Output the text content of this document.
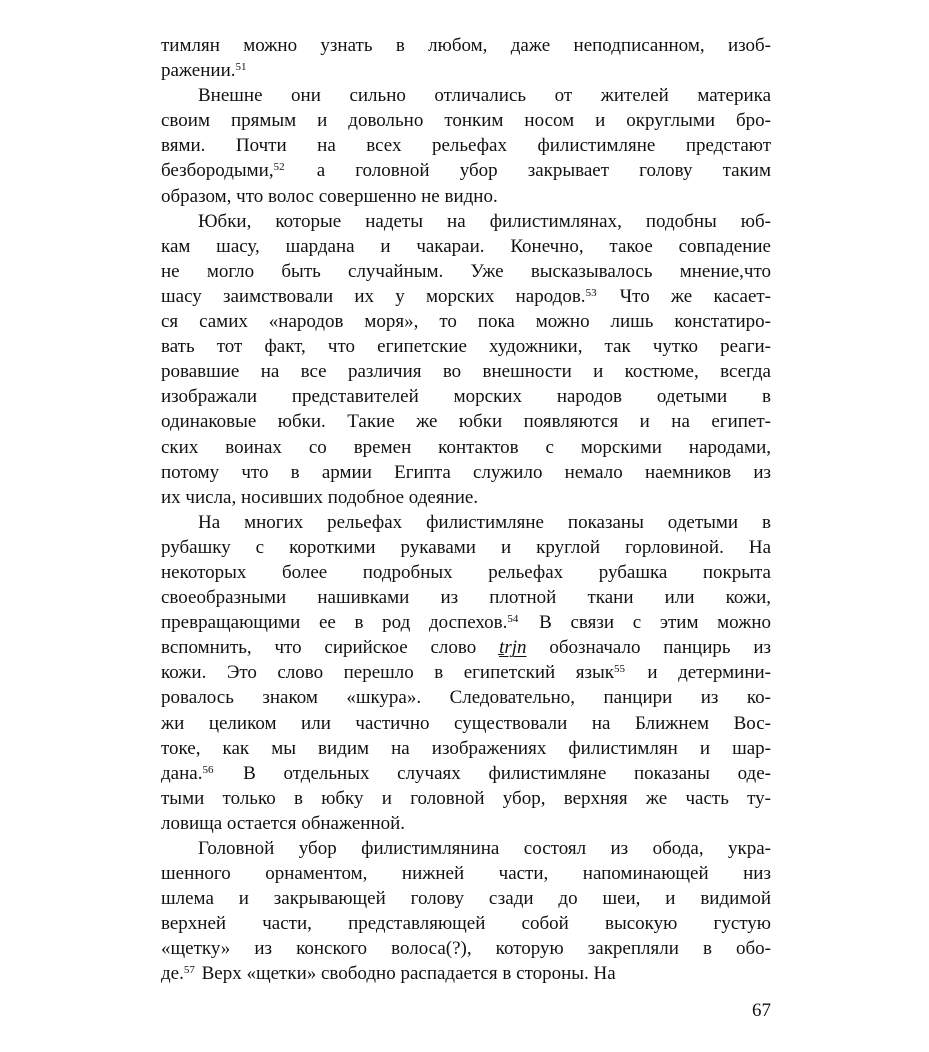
тимлян можно узнать в любом, даже неподписанном, изоб-
ражении.$^{51}$
Внешне они сильно отличались от жителей материка
своим прямым и довольно тонким носом и округлыми бро-
вями. Почти на всех рельефах филистимляне предстают
безбородыми,$^{52}$ а головной убор закрывает голову таким
образом, что волос совершенно не видно.
Юбки, которые надеты на филистимлянах, подобны юб-
кам шасу, шардана и чакараи. Конечно, такое совпадение
не могло быть случайным. Уже высказывалось мнение,что
шасу заимствовали их у морских народов.$^{53}$ Что же касает-
ся самих «народов моря», то пока можно лишь констатиро-
вать тот факт, что египетские художники, так чутко реаги-
ровавшие на все различия во внешности и костюме, всегда
изображали представителей морских народов одетыми в
одинаковые юбки. Такие же юбки появляются и на египет-
ских воинах со времен контактов с морскими народами,
потому что в армии Египта служило немало наемников из
их числа, носивших подобное одеяние.
На многих рельефах филистимляне показаны одетыми в
рубашку с короткими рукавами и круглой горловиной. На
некоторых более подробных рельефах рубашка покрыта
своеобразными нашивками из плотной ткани или кожи,
превращающими ее в род доспехов.$^{54}$ В связи с этим можно
вспомнить, что сирийское слово ṯrjn обозначало панцирь из
кожи. Это слово перешло в египетский язык$^{55}$ и детермини-
ровалось знаком «шкура». Следовательно, панцири из ко-
жи целиком или частично существовали на Ближнем Вос-
токе, как мы видим на изображениях филистимлян и шар-
дана.$^{56}$ В отдельных случаях филистимляне показаны оде-
тыми только в юбку и головной убор, верхняя же часть ту-
ловища остается обнаженной.
Головной убор филистимлянина состоял из обода, укра-
шенного орнаментом, нижней части, напоминающей низ
шлема и закрывающей голову сзади до шеи, и видимой
верхней части, представляющей собой высокую густую
«щетку» из конского волоса(?), которую закрепляли в обо-
де.$^{57}$ Верх «щетки» свободно распадается в стороны. На
67
